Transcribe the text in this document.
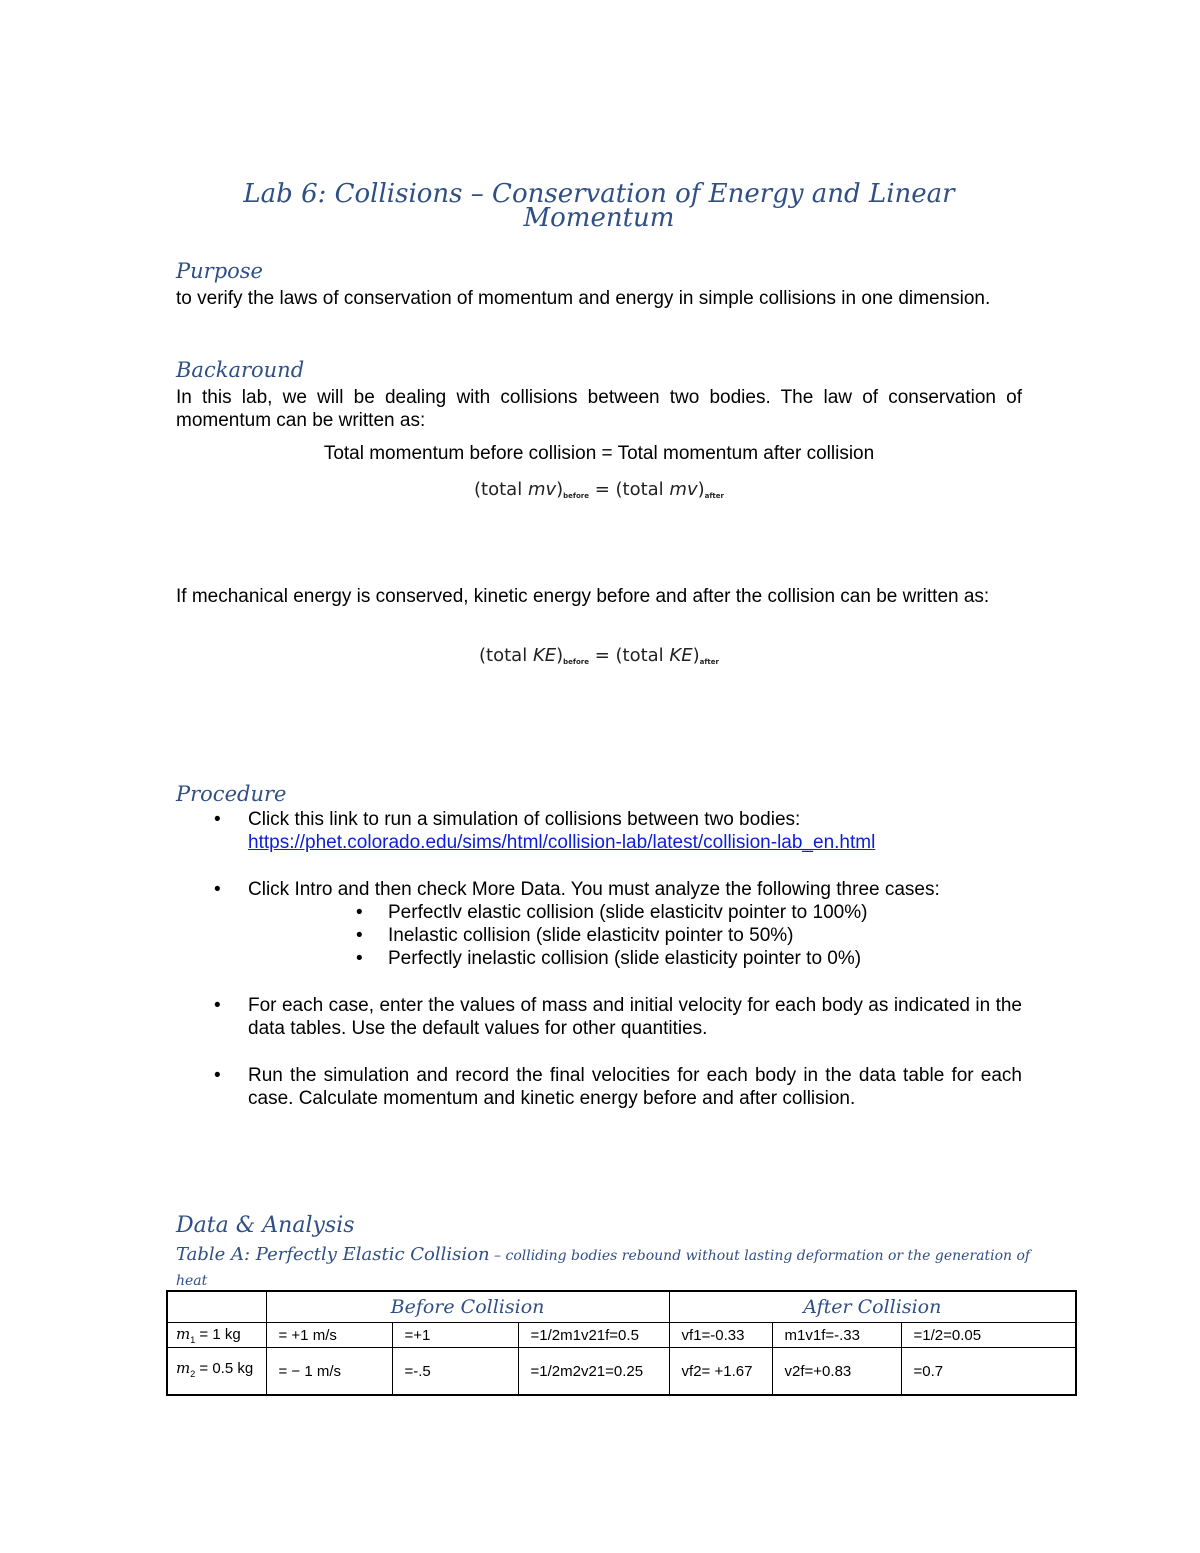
Lab 6: Collisions – Conservation of Energy and Linear Momentum
Purpose
to verify the laws of conservation of momentum and energy in simple collisions in one dimension.
Backaround
In this lab, we will be dealing with collisions between two bodies. The law of conservation of momentum can be written as:
Total momentum before collision = Total momentum after collision
(total $mv)_{before}$ = (total $mv)_{after}$
If mechanical energy is conserved, kinetic energy before and after the collision can be written as:
(total $KE)_{before}$ = (total $KE)_{after}$
Procedure
• Click this link to run a simulation of collisions between two bodies:
https://phet.colorado.edu/sims/html/collision-lab/latest/collision-lab_en.html
• Click Intro and then check More Data. You must analyze the following three cases:
• Perfectlv elastic collision (slide elasticitv pointer to 100%)
• Inelastic collision (slide elasticitv pointer to 50%)
• Perfectly inelastic collision (slide elasticity pointer to 0%)
• For each case, enter the values of mass and initial velocity for each body as indicated in the data tables. Use the default values for other quantities.
• Run the simulation and record the final velocities for each body in the data table for each case. Calculate momentum and kinetic energy before and after collision.
Data & Analysis
Table A: Perfectly Elastic Collision – colliding bodies rebound without lasting deformation or the generation of heat
	Before Collision			After Collision		
$m_1 = 1$ kg	= +1 m/s	=+1	=1/2m1v21f=0.5	vf1=-0.33	m1v1f=-.33	=1/2=0.05
$m_2 = 0.5$ kg	= − 1 m/s	=-.5	=1/2m2v21=0.25	vf2= +1.67	v2f=+0.83	=0.7
